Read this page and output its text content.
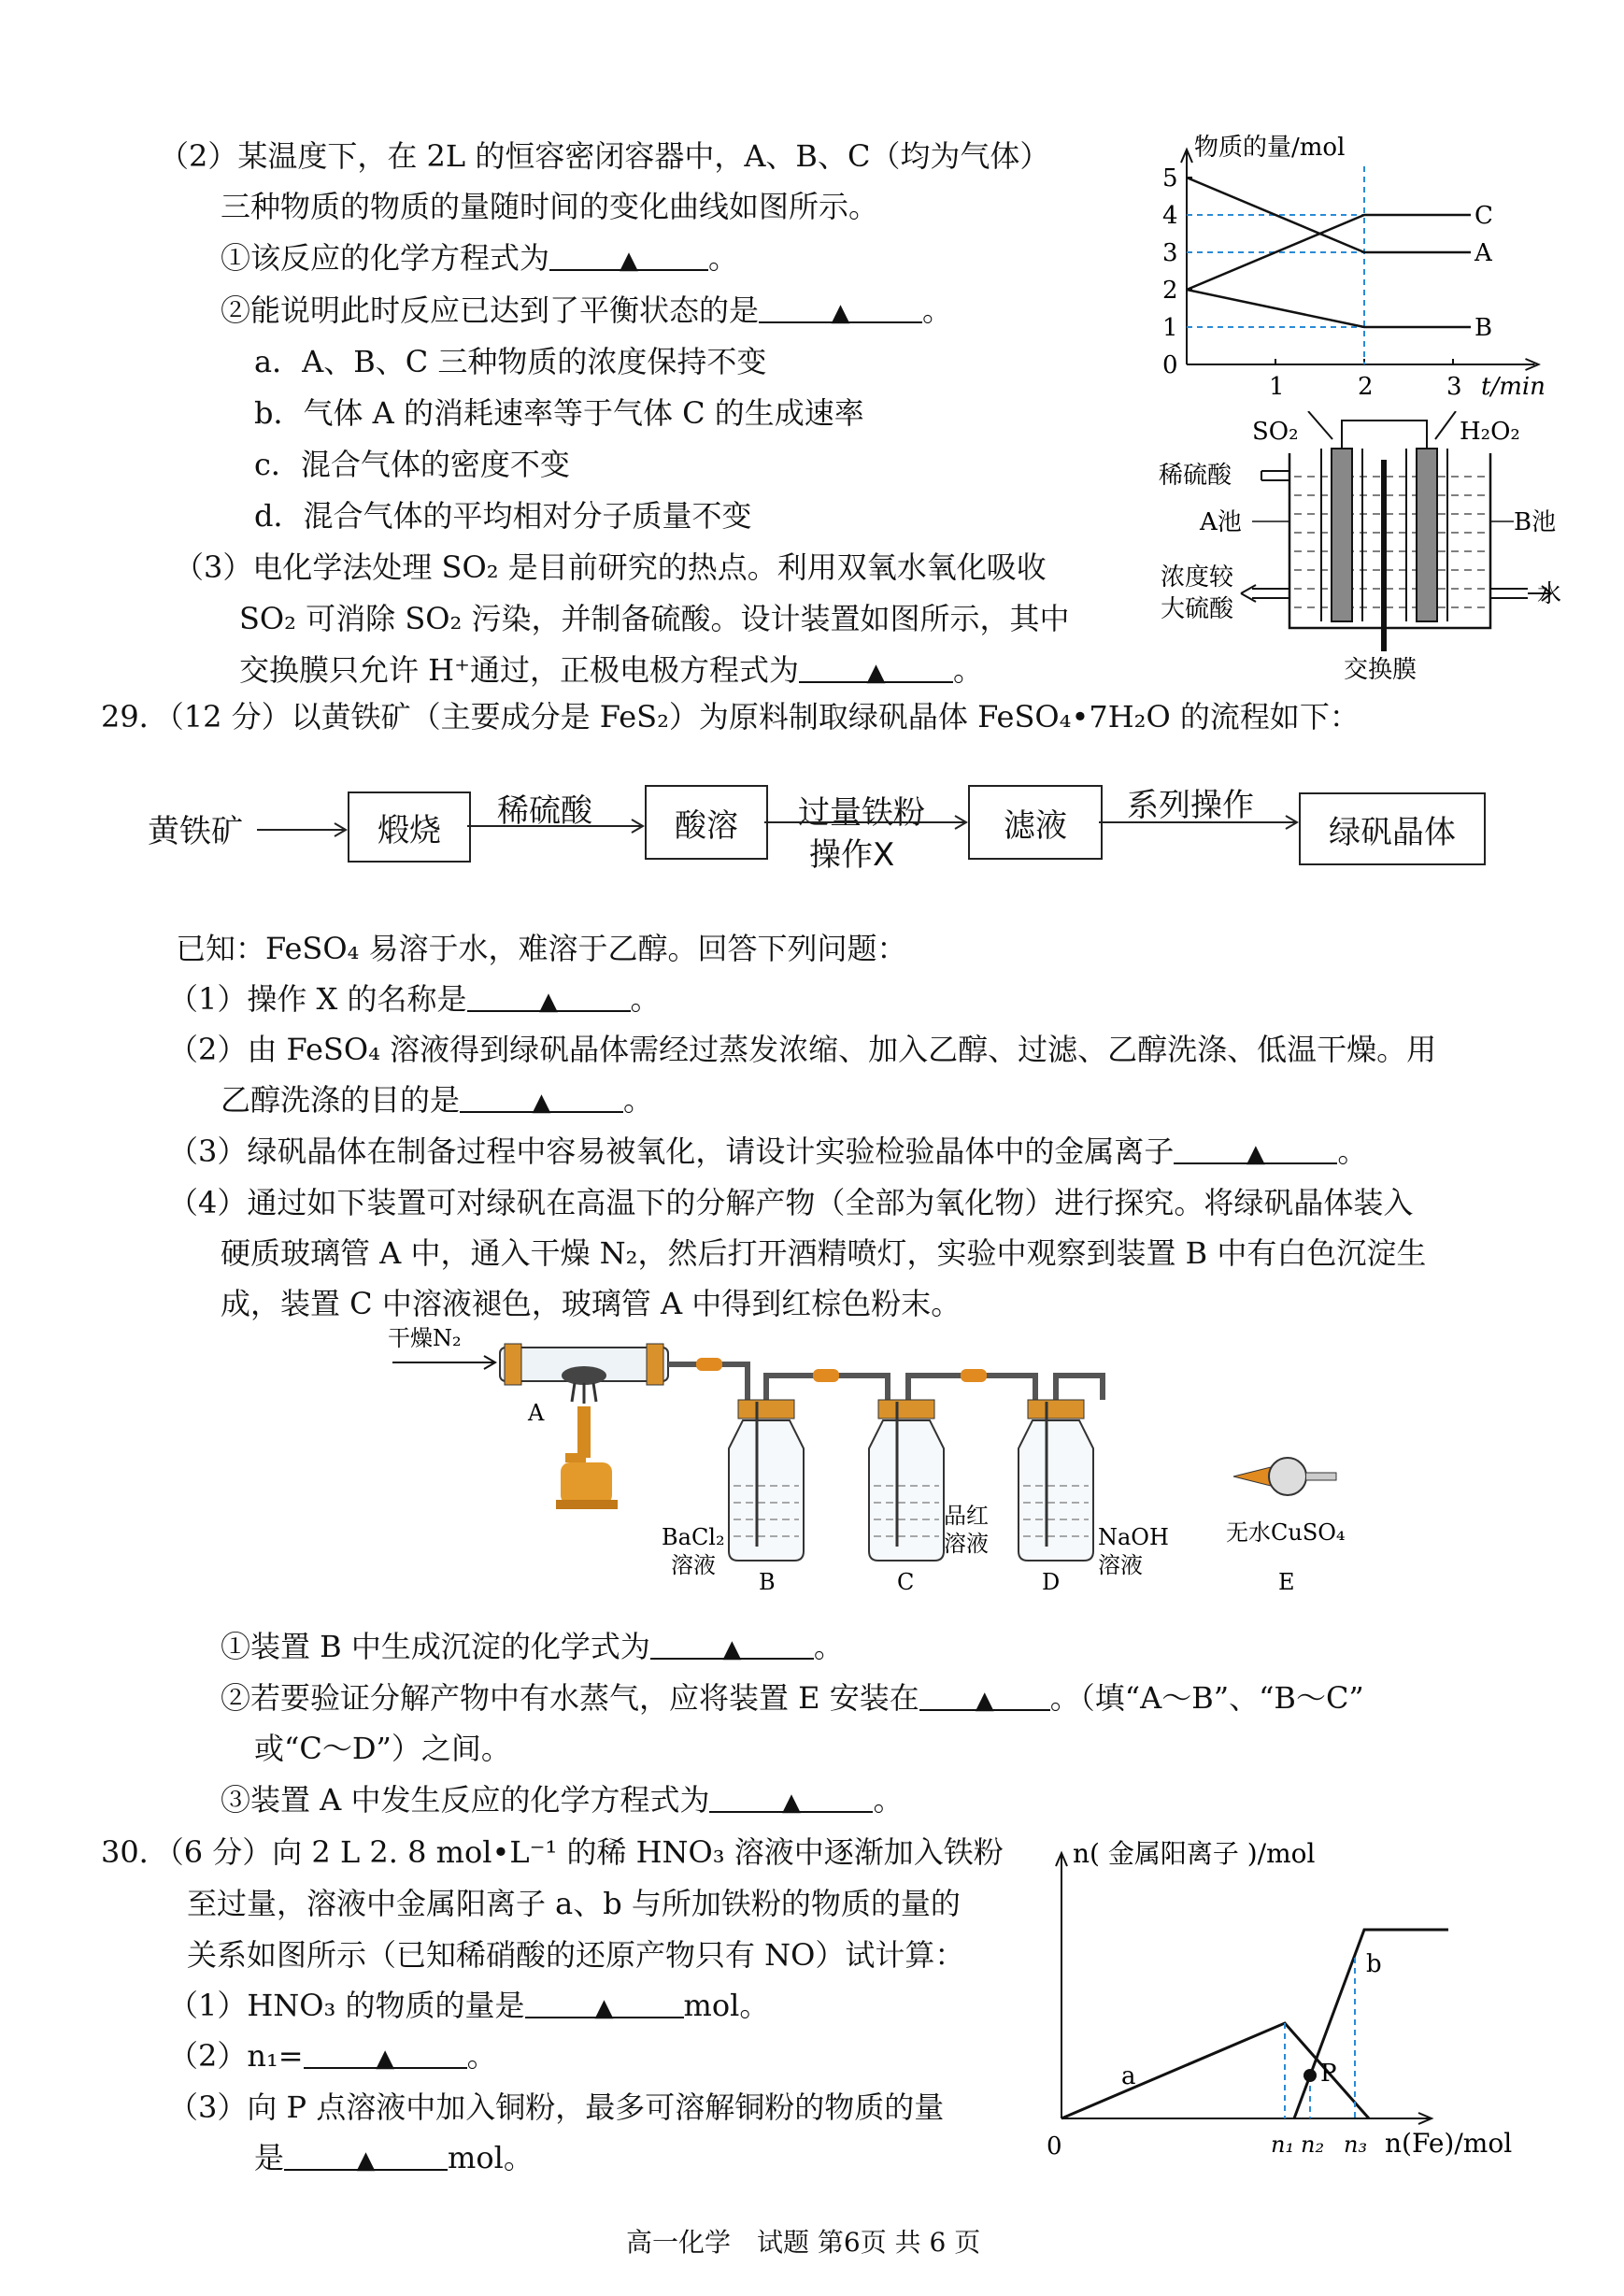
（2）某温度下，在 2L 的恒容密闭容器中，A、B、C（均为气体）
三种物质的物质的量随时间的变化曲线如图所示。
①该反应的化学方程式为	▲ 。
②能说明此时反应已达到了平衡状态的是	▲ 。
a．A、B、C 三种物质的浓度保持不变
b．气体 A 的消耗速率等于气体 C 的生成速率
c．混合气体的密度不变
d．混合气体的平均相对分子质量不变
（3）电化学法处理 SO₂ 是目前研究的热点。利用双氧水氧化吸收
SO₂ 可消除 SO₂ 污染，并制备硫酸。设计装置如图所示，其中
交换膜只允许 H⁺通过，正极电极方程式为	▲ 。
0
1
2
3
4
5
1	2	3
C
A
B
物质的量/mol
t/min
SO₂	H₂O₂
稀硫酸
A池	B池
浓度较
大硫酸
水
交换膜
29．（12 分）以黄铁矿（主要成分是 FeS₂）为原料制取绿矾晶体 FeSO₄•7H₂O 的流程如下：
黄铁矿	煅烧
稀硫酸	酸溶	过量铁粉
操作X
滤液
系列操作
绿矾晶体
已知：FeSO₄ 易溶于水，难溶于乙醇。回答下列问题：
（1）操作 X 的名称是	▲ 。
（2）由 FeSO₄ 溶液得到绿矾晶体需经过蒸发浓缩、加入乙醇、过滤、乙醇洗涤、低温干燥。用
乙醇洗涤的目的是	▲ 。
（3）绿矾晶体在制备过程中容易被氧化，请设计实验检验晶体中的金属离子	▲ 。
（4）通过如下装置可对绿矾在高温下的分解产物（全部为氧化物）进行探究。将绿矾晶体装入
硬质玻璃管 A 中，通入干燥 N₂，然后打开酒精喷灯，实验中观察到装置 B 中有白色沉淀生
成，装置 C 中溶液褪色，玻璃管 A 中得到红棕色粉末。
干燥N₂
A
BaCl₂
溶液
B
品红
溶液
C
NaOH
溶液
D
无水CuSO₄
E
①装置 B 中生成沉淀的化学式为	▲ 。
②若要验证分解产物中有水蒸气，应将装置 E 安装在 ▲ 。（填“A～B”、“B～C”
或“C～D”）之间。
③装置 A 中发生反应的化学方程式为	▲ 。
30．（6 分）向 2 L 2. 8 mol•L⁻¹ 的稀 HNO₃ 溶液中逐渐加入铁粉
至过量，溶液中金属阳离子 a、b 与所加铁粉的物质的量的
关系如图所示（已知稀硝酸的还原产物只有 NO）试计算：
（1）HNO₃ 的物质的量是	▲ mol。
（2）n₁=	▲ 。
（3）向 P 点溶液中加入铜粉，最多可溶解铜粉的物质的量
是	▲ mol。
n( 金属阳离子 )/mol
0
a
b
P
n₁ n₂ n₃ n(Fe)/mol
高一化学　试题 第6页 共 6 页
